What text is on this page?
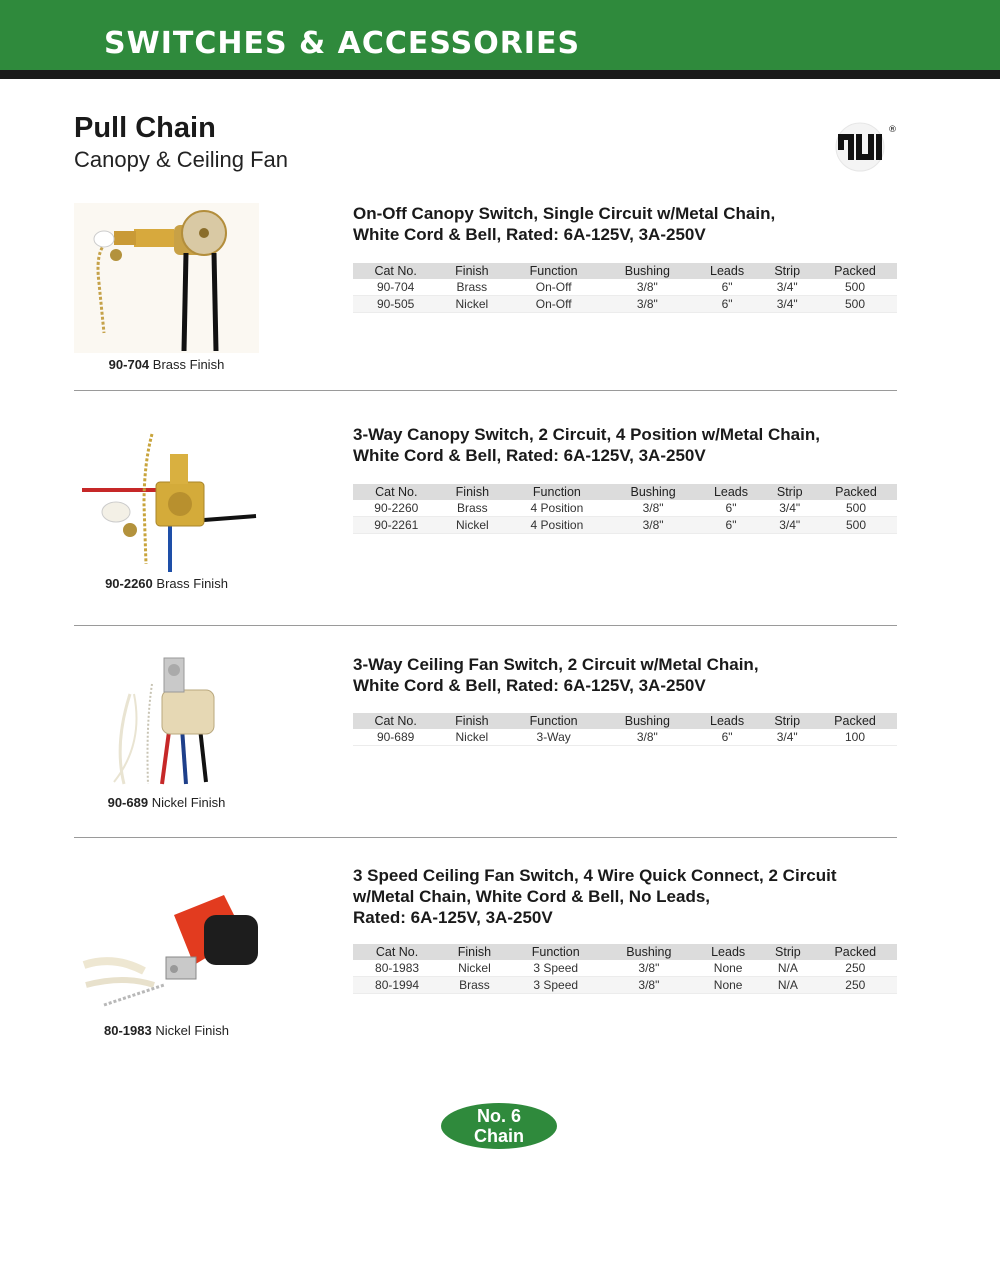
SWITCHES & ACCESSORIES
Pull Chain
Canopy & Ceiling Fan
®
90-704 Brass Finish
On-Off Canopy Switch, Single Circuit w/Metal Chain,
White Cord & Bell, Rated: 6A-125V, 3A-250V
Cat No.	Finish	Function	Bushing	Leads	Strip	Packed
90-704	Brass	On-Off	3/8"	6"	3/4"	500
90-505	Nickel	On-Off	3/8"	6"	3/4"	500
90-2260 Brass Finish
3-Way Canopy Switch, 2 Circuit, 4 Position w/Metal Chain,
White Cord & Bell, Rated: 6A-125V, 3A-250V
Cat No.	Finish	Function	Bushing	Leads	Strip	Packed
90-2260	Brass	4 Position	3/8"	6"	3/4"	500
90-2261	Nickel	4 Position	3/8"	6"	3/4"	500
90-689 Nickel Finish
3-Way Ceiling Fan Switch, 2 Circuit w/Metal Chain,
White Cord & Bell, Rated: 6A-125V, 3A-250V
Cat No.	Finish	Function	Bushing	Leads	Strip	Packed
90-689	Nickel	3-Way	3/8"	6"	3/4"	100
80-1983 Nickel Finish
3 Speed Ceiling Fan Switch, 4 Wire Quick Connect, 2 Circuit
w/Metal Chain, White Cord & Bell, No Leads,
Rated: 6A-125V, 3A-250V
Cat No.	Finish	Function	Bushing	Leads	Strip	Packed
80-1983	Nickel	3 Speed	3/8"	None	N/A	250
80-1994	Brass	3 Speed	3/8"	None	N/A	250
No. 6
Chain
